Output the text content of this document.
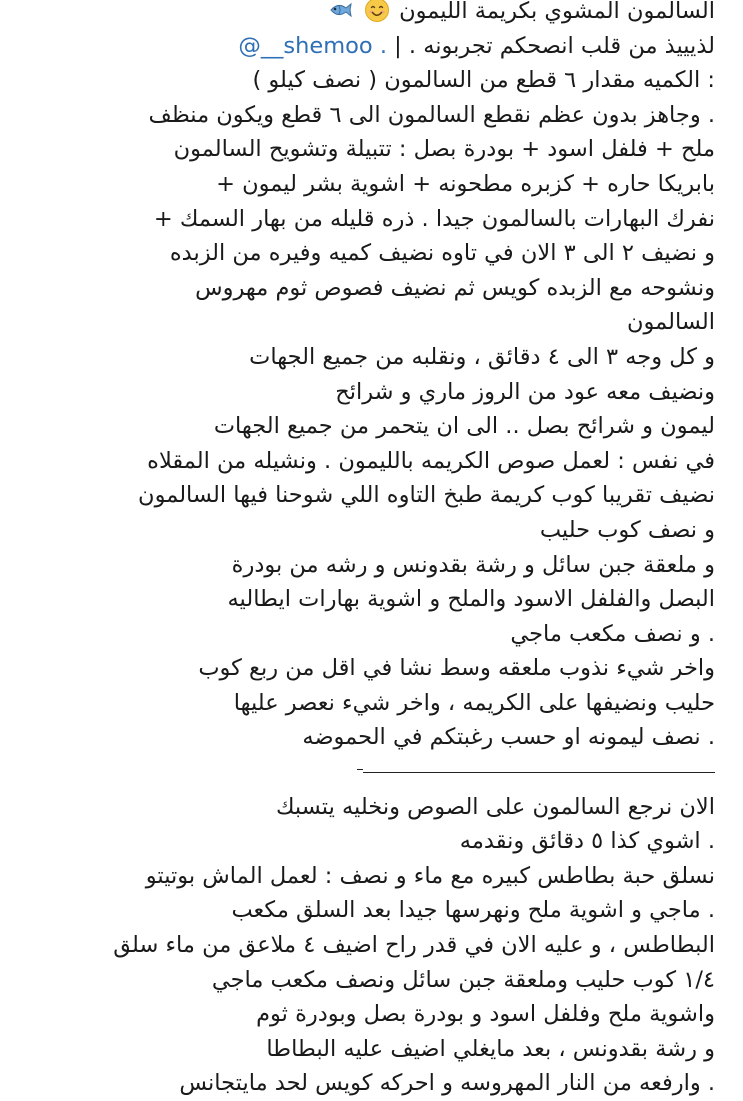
السالمون المشوي بكريمة الليمون
لذيييذ من قلب انصحكم تجربونه . | @__shemoo .
: الكميه مقدار ٦ قطع من السالمون ( نصف كيلو )
. وجاهز بدون عظم نقطع السالمون الى ٦ قطع ويكون منظف
ملح + فلفل اسود + بودرة بصل : تتبيلة وتشويح السالمون
بابريكا حاره + كزبره مطحونه + اشوية بشر ليمون +
نفرك البهارات بالسالمون جيدا . ذره قليله من بهار السمك +
و نضيف ٢ الى ٣ الان في تاوه نضيف كميه وفيره من الزبده
ونشوحه مع الزبده كويس ثم نضيف فصوص ثوم مهروس
السالمون
و كل وجه ٣ الى ٤ دقائق ، ونقلبه من جميع الجهات
ونضيف معه عود من الروز ماري و شرائح
ليمون و شرائح بصل .. الى ان يتحمر من جميع الجهات
في نفس : لعمل صوص الكريمه بالليمون . ونشيله من المقلاه
نضيف تقريبا كوب كريمة طبخ التاوه اللي شوحنا فيها السالمون
و نصف كوب حليب
و ملعقة جبن سائل و رشة بقدونس و رشه من بودرة
البصل والفلفل الاسود والملح و اشوية بهارات ايطاليه
. و نصف مكعب ماجي
واخر شيء نذوب ملعقه وسط نشا في اقل من ربع كوب
حليب ونضيفها على الكريمه ، واخر شيء نعصر عليها
. نصف ليمونه او حسب رغبتكم في الحموضه
الان نرجع السالمون على الصوص ونخليه يتسبك
. اشوي كذا ٥ دقائق ونقدمه
نسلق حبة بطاطس كبيره مع ماء و نصف : لعمل الماش بوتيتو
. ماجي و اشوية ملح ونهرسها جيدا بعد السلق مكعب
البطاطس ، و عليه الان في قدر راح اضيف ٤ ملاعق من ماء سلق
١/٤ كوب حليب وملعقة جبن سائل ونصف مكعب ماجي
واشوية ملح وفلفل اسود و بودرة بصل وبودرة ثوم
و رشة بقدونس ، بعد مايغلي اضيف عليه البطاطا
. وارفعه من النار المهروسه و احركه كويس لحد مايتجانس
